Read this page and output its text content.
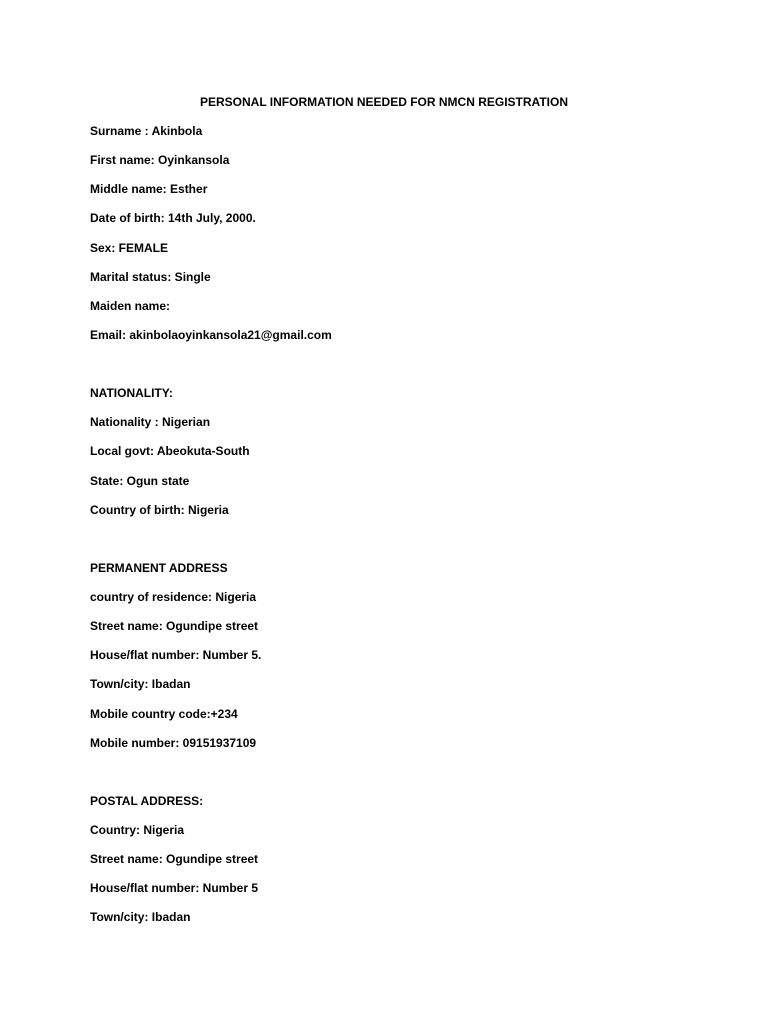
PERSONAL INFORMATION NEEDED FOR NMCN REGISTRATION
Surname : Akinbola
First name: Oyinkansola
Middle name: Esther
Date of birth: 14th July, 2000.
Sex: FEMALE
Marital status: Single
Maiden name:
Email: akinbolaoyinkansola21@gmail.com
NATIONALITY:
Nationality : Nigerian
Local govt: Abeokuta-South
State: Ogun state
Country of birth: Nigeria
PERMANENT ADDRESS
country of residence: Nigeria
Street name: Ogundipe street
House/flat number: Number 5.
Town/city: Ibadan
Mobile country code:+234
Mobile number: 09151937109
POSTAL ADDRESS:
Country: Nigeria
Street name: Ogundipe street
House/flat number: Number 5
Town/city: Ibadan
